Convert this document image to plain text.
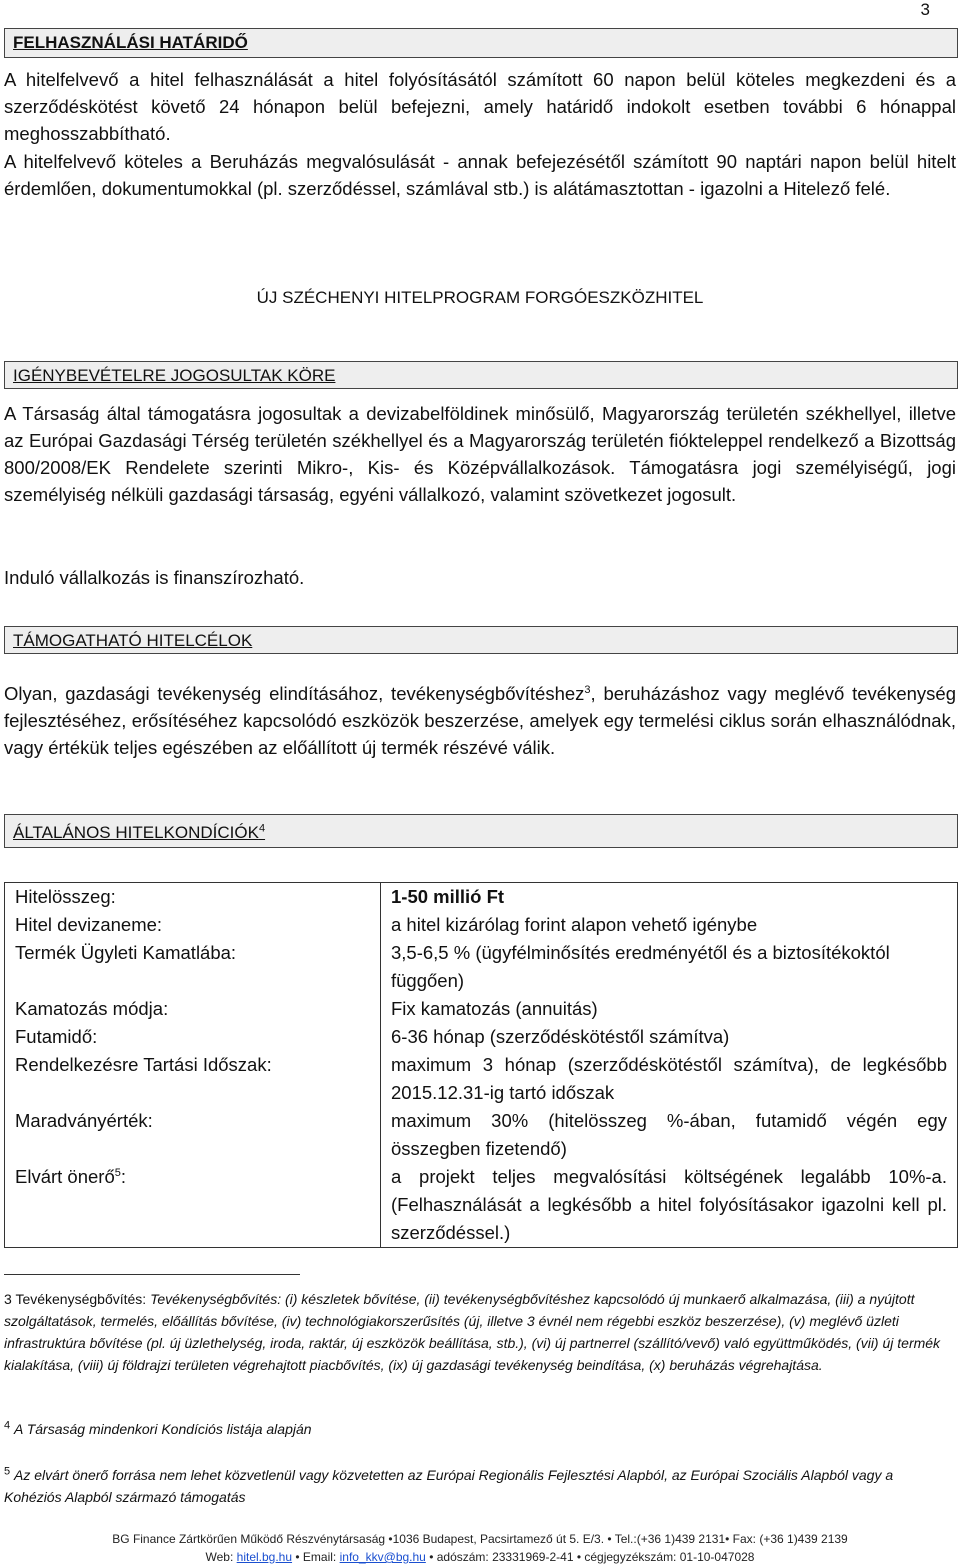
3
FELHASZNÁLÁSI HATÁRIDŐ

A hitelfelvevő a hitel felhasználását a hitel folyósításától számított 60 napon belül köteles megkezdeni és a szerződéskötést követő 24 hónapon belül befejezni, amely határidő indokolt esetben további 6 hónappal meghosszabbítható.

A hitelfelvevő köteles a Beruházás megvalósulását - annak befejezésétől számított 90 naptári napon belül hitelt érdemlően, dokumentumokkal (pl. szerződéssel, számlával stb.) is alátámasztottan - igazolni a Hitelező felé.

ÚJ SZÉCHENYI HITELPROGRAM FORGÓESZKÖZHITEL
IGÉNYBEVÉTELRE JOGOSULTAK KÖRE

A Társaság által támogatásra jogosultak a devizabelföldinek minősülő, Magyarország területén székhellyel, illetve az Európai Gazdasági Térség területén székhellyel és a Magyarország területén fiókteleppel rendelkező a Bizottság 800/2008/EK Rendelete szerinti Mikro-, Kis- és Középvállalkozások. Támogatásra jogi személyiségű, jogi személyiség nélküli gazdasági társaság, egyéni vállalkozó, valamint szövetkezet jogosult.

Induló vállalkozás is finanszírozható.

TÁMOGATHATÓ HITELCÉLOK

Olyan, gazdasági tevékenység elindításához, tevékenységbővítéshez$^3$, beruházáshoz vagy meglévő tevékenység fejlesztéséhez, erősítéséhez kapcsolódó eszközök beszerzése, amelyek egy termelési ciklus során elhasználódnak, vagy értékük teljes egészében az előállított új termék részévé válik.

ÁLTALÁNOS HITELKONDÍCIÓK$^4$
Hitelösszeg:	1-50 millió Ft
Hitel devizaneme:	a hitel kizárólag forint alapon vehető igénybe
Termék Ügyleti Kamatlába:	3,5-6,5 % (ügyfélminősítés eredményétől és a biztosítékoktól függően)
Kamatozás módja:	Fix kamatozás (annuitás)
Futamidő:	6-36 hónap (szerződéskötéstől számítva)
Rendelkezésre Tartási Időszak:	maximum 3 hónap (szerződéskötéstől számítva), de legkésőbb 2015.12.31-ig tartó időszak
Maradványérték:	maximum 30% (hitelösszeg %-ában, futamidő végén egy összegben fizetendő)
Elvárt önerő$^5$:	a projekt teljes megvalósítási költségének legalább 10%-a. (Felhasználását a legkésőbb a hitel folyósításakor igazolni kell pl. szerződéssel.)

3 Tevékenységbővítés: Tevékenységbővítés: (i) készletek bővítése, (ii) tevékenységbővítéshez kapcsolódó új munkaerő alkalmazása, (iii) a nyújtott szolgáltatások, termelés, előállítás bővítése, (iv) technológiakorszerűsítés (új, illetve 3 évnél nem régebbi eszköz beszerzése), (v) meglévő üzleti infrastruktúra bővítése (pl. új üzlethelység, iroda, raktár, új eszközök beállítása, stb.), (vi) új partnerrel (szállító/vevő) való együttműködés, (vii) új termék kialakítása, (viii) új földrajzi területen végrehajtott piacbővítés, (ix) új gazdasági tevékenység beindítása, (x) beruházás végrehajtása.

$^4$ A Társaság mindenkori Kondíciós listája alapján

$^5$ Az elvárt önerő forrása nem lehet közvetlenül vagy közvetetten az Európai Regionális Fejlesztési Alapból, az Európai Szociális Alapból vagy a Kohéziós Alapból származó támogatás

BG Finance Zártkörűen Működő Részvénytársaság •1036 Budapest, Pacsirtamező út 5. E/3. • Tel.:(+36 1)439 2131• Fax: (+36 1)439 2139
Web: hitel.bg.hu • Email: info_kkv@bg.hu • adószám: 23331969-2-41 • cégjegyzékszám: 01-10-047028
